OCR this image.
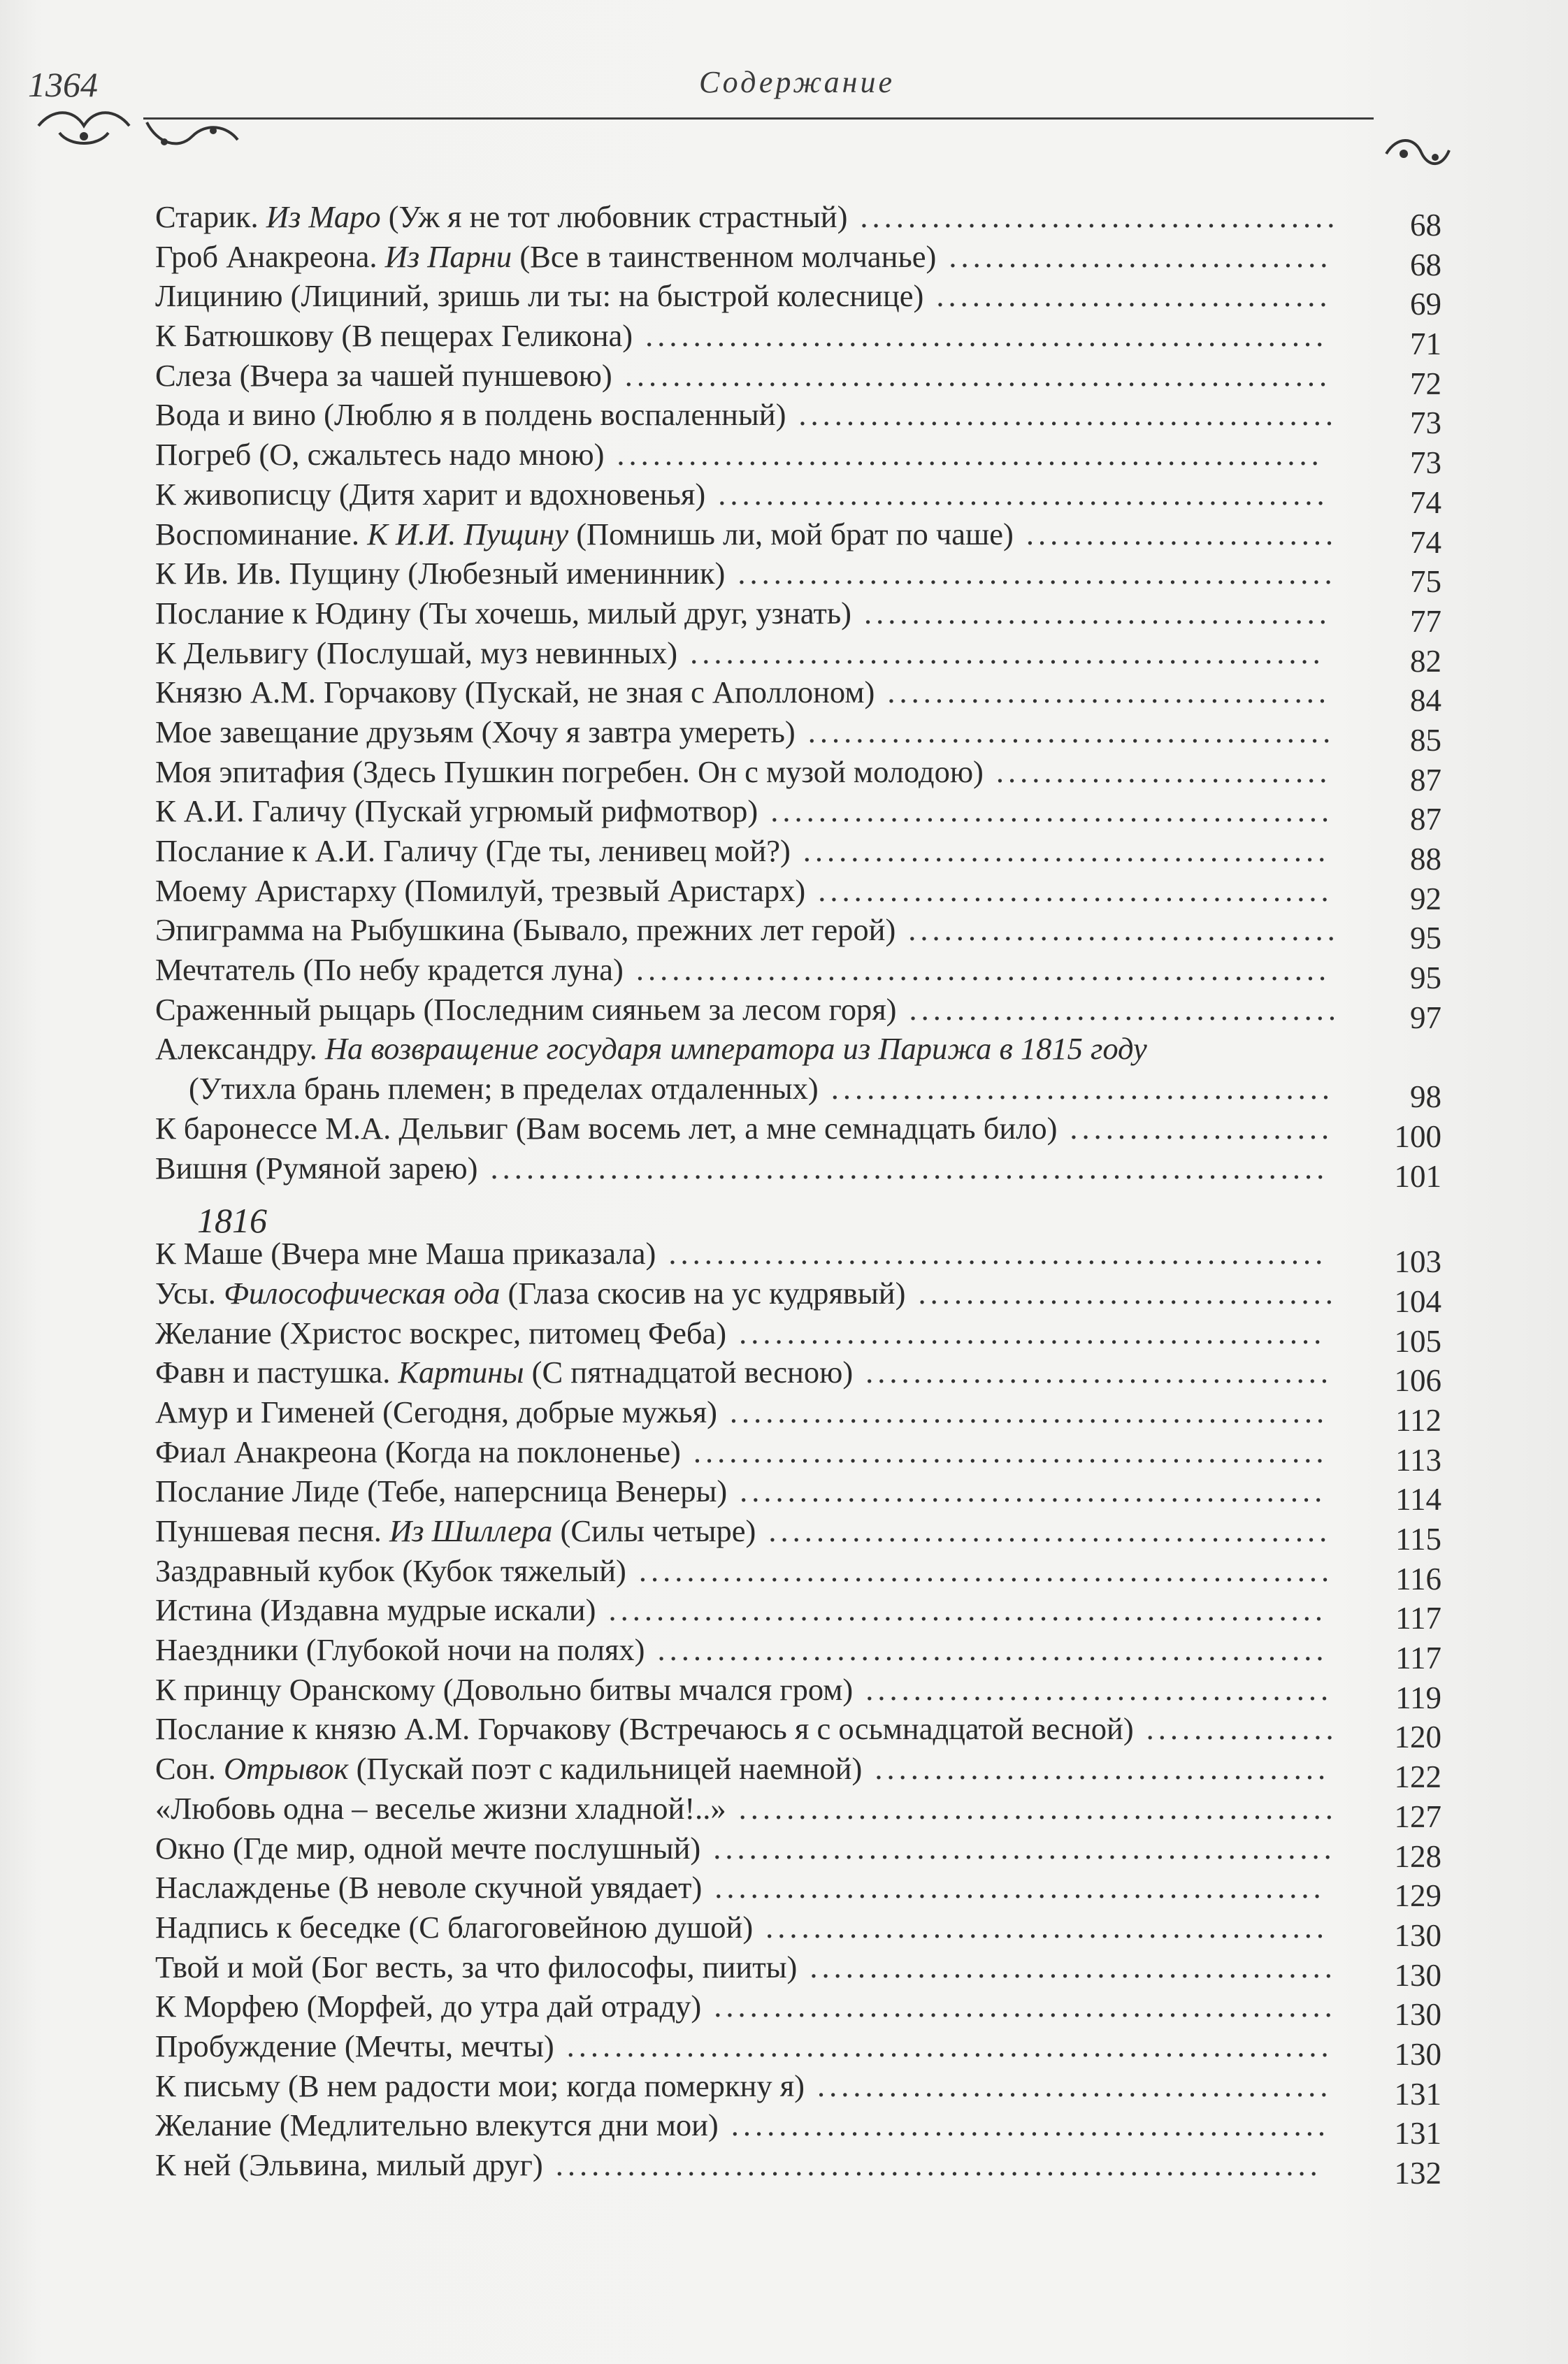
1364	Содержание
Старик. Из Маро (Уж я не тот любовник страстный) ........................................	68
Гроб Анакреона. Из Парни (Все в таинственном молчанье) ................................	68
Лицинию (Лициний, зришь ли ты: на быстрой колеснице) .................................	69
К Батюшкову (В пещерах Геликона) .........................................................	71
Слеза (Вчера за чашей пуншевою) ...........................................................	72
Вода и вино (Люблю я в полдень воспаленный) .............................................	73
Погреб (О, сжальтесь надо мною) ...........................................................	73
К живописцу (Дитя харит и вдохновенья) ...................................................	74
Воспоминание. К И.И. Пущину (Помнишь ли, мой брат по чаше) ..........................	74
К Ив. Ив. Пущину (Любезный именинник) ..................................................	75
Послание к Юдину (Ты хочешь, милый друг, узнать) .......................................	77
К Дельвигу (Послушай, муз невинных) .....................................................	82
Князю А.М. Горчакову (Пускай, не зная с Аполлоном) .....................................	84
Мое завещание друзьям (Хочу я завтра умереть) ............................................	85
Моя эпитафия (Здесь Пушкин погребен. Он с музой молодою) ............................	87
К А.И. Галичу (Пускай угрюмый рифмотвор) ...............................................	87
Послание к А.И. Галичу (Где ты, ленивец мой?) ............................................	88
Моему Аристарху (Помилуй, трезвый Аристарх) ...........................................	92
Эпиграмма на Рыбушкина (Бывало, прежних лет герой) ....................................	95
Мечтатель (По небу крадется луна) ..........................................................	95
Сраженный рыцарь (Последним сияньем за лесом горя) ....................................	97
Александру. На возвращение государя императора из Парижа в 1815 году
(Утихла брань племен; в пределах отдаленных) ..........................................	98
К баронессе М.А. Дельвиг (Вам восемь лет, а мне семнадцать било) ......................	100
Вишня (Румяной зарею) ......................................................................	101
1816
К Маше (Вчера мне Маша приказала) .......................................................	103
Усы. Философическая ода (Глаза скосив на ус кудрявый) ...................................	104
Желание (Христос воскрес, питомец Феба) .................................................	105
Фавн и пастушка. Картины (С пятнадцатой весною) .......................................	106
Амур и Гименей (Сегодня, добрые мужья) ..................................................	112
Фиал Анакреона (Когда на поклоненье) .....................................................	113
Послание Лиде (Тебе, наперсница Венеры) .................................................	114
Пуншевая песня. Из Шиллера (Силы четыре) ...............................................	115
Заздравный кубок (Кубок тяжелый) ..........................................................	116
Истина (Издавна мудрые искали) ............................................................	117
Наездники (Глубокой ночи на полях) ........................................................	117
К принцу Оранскому (Довольно битвы мчался гром) .......................................	119
Послание к князю А.М. Горчакову (Встречаюсь я с осьмнадцатой весной) ................	120
Сон. Отрывок (Пускай поэт с кадильницей наемной) ......................................	122
«Любовь одна – веселье жизни хладной!..» ..................................................	127
Окно (Где мир, одной мечте послушный) ....................................................	128
Наслажденье (В неволе скучной увядает) ...................................................	129
Надпись к беседке (С благоговейною душой) ...............................................	130
Твой и мой (Бог весть, за что философы, пииты) ............................................	130
К Морфею (Морфей, до утра дай отраду) ....................................................	130
Пробуждение (Мечты, мечты) ................................................................	130
К письму (В нем радости мои; когда померкну я) ...........................................	131
Желание (Медлительно влекутся дни мои) ..................................................	131
К ней (Эльвина, милый друг) ................................................................	132
